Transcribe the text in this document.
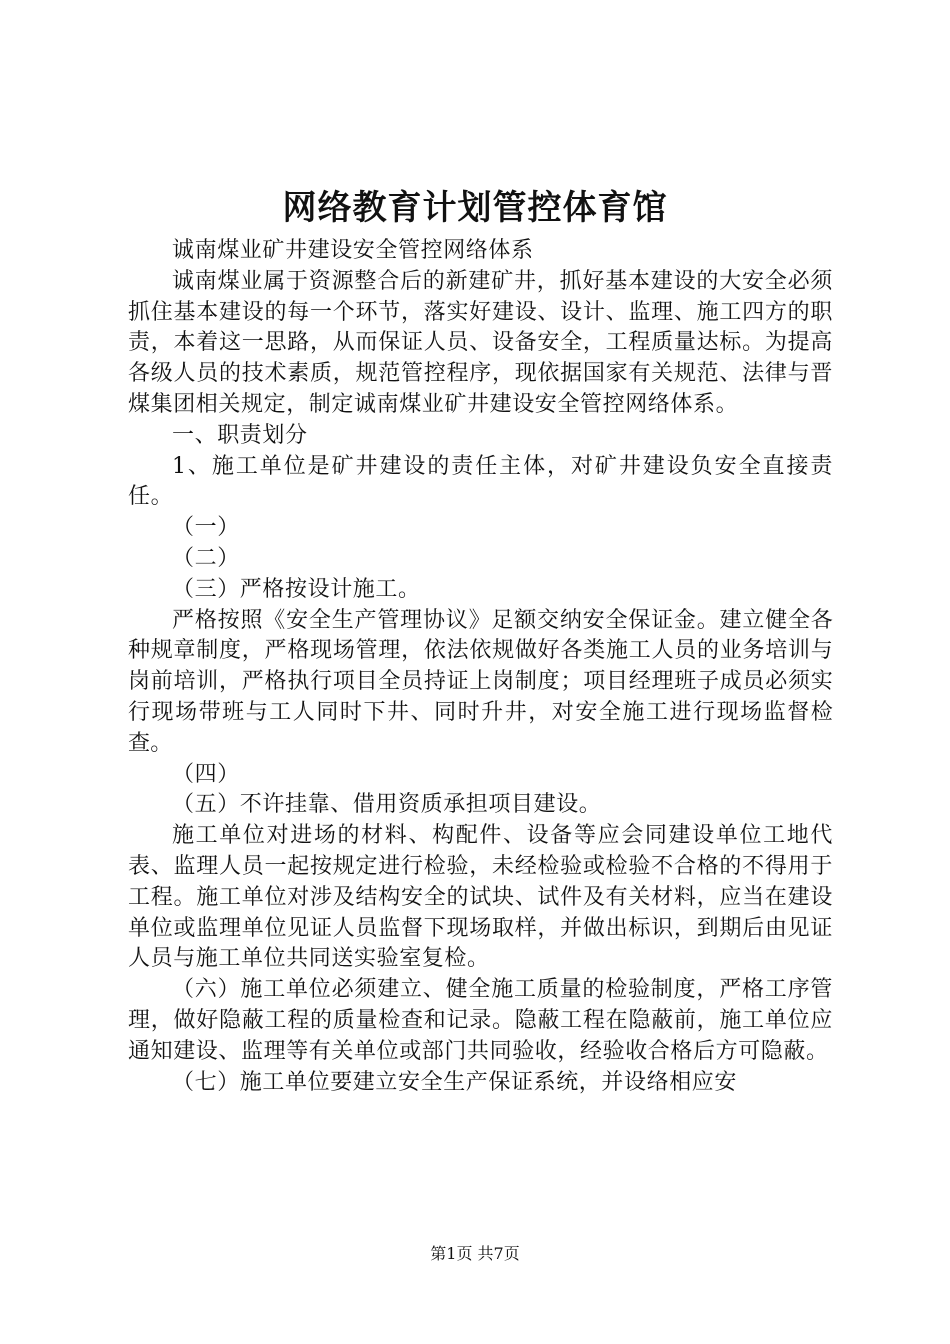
网络教育计划管控体育馆

诚南煤业矿井建设安全管控网络体系

诚南煤业属于资源整合后的新建矿井，抓好基本建设的大安全必须抓住基本建设的每一个环节，落实好建设、设计、监理、施工四方的职责，本着这一思路，从而保证人员、设备安全，工程质量达标。为提高各级人员的技术素质，规范管控程序，现依据国家有关规范、法律与晋煤集团相关规定，制定诚南煤业矿井建设安全管控网络体系。

一、职责划分

1、施工单位是矿井建设的责任主体，对矿井建设负安全直接责任。

（一）

（二）

（三）严格按设计施工。

严格按照《安全生产管理协议》足额交纳安全保证金。建立健全各种规章制度，严格现场管理，依法依规做好各类施工人员的业务培训与岗前培训，严格执行项目全员持证上岗制度；项目经理班子成员必须实行现场带班与工人同时下井、同时升井，对安全施工进行现场监督检查。

（四）

（五）不许挂靠、借用资质承担项目建设。

施工单位对进场的材料、构配件、设备等应会同建设单位工地代表、监理人员一起按规定进行检验，未经检验或检验不合格的不得用于工程。施工单位对涉及结构安全的试块、试件及有关材料，应当在建设单位或监理单位见证人员监督下现场取样，并做出标识，到期后由见证人员与施工单位共同送实验室复检。

（六）施工单位必须建立、健全施工质量的检验制度，严格工序管理，做好隐蔽工程的质量检查和记录。隐蔽工程在隐蔽前，施工单位应通知建设、监理等有关单位或部门共同验收，经验收合格后方可隐蔽。

（七）施工单位要建立安全生产保证系统，并设络相应安

第1页 共7页
